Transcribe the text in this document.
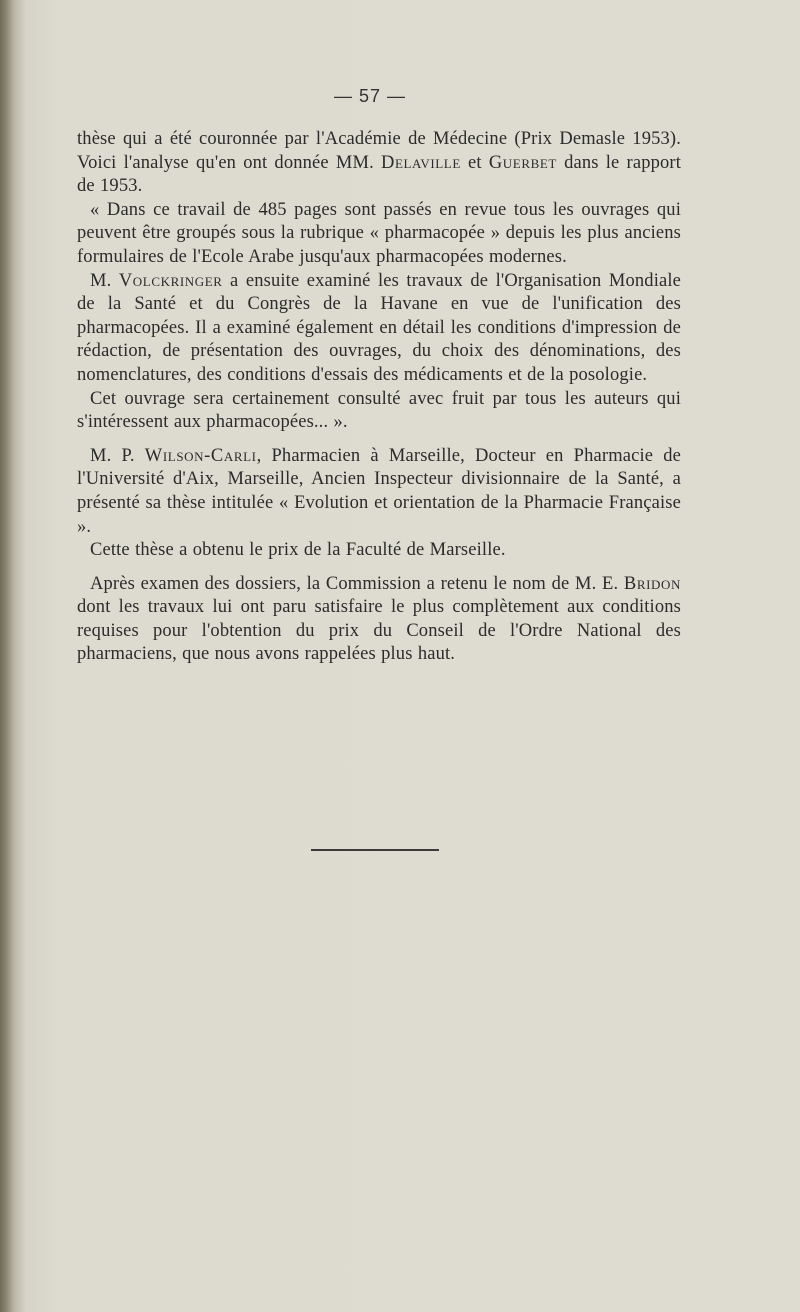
— 57 —

thèse qui a été couronnée par l'Académie de Médecine (Prix Demasle 1953). Voici l'analyse qu'en ont donnée MM. Delaville et Guerbet dans le rapport de 1953.

« Dans ce travail de 485 pages sont passés en revue tous les ouvrages qui peuvent être groupés sous la rubrique « pharmacopée » depuis les plus anciens formulaires de l'Ecole Arabe jusqu'aux pharmacopées modernes.

M. Volckringer a ensuite examiné les travaux de l'Organisation Mondiale de la Santé et du Congrès de la Havane en vue de l'unification des pharmacopées. Il a examiné également en détail les conditions d'impression de rédaction, de présentation des ouvrages, du choix des dénominations, des nomenclatures, des conditions d'essais des médicaments et de la posologie.

Cet ouvrage sera certainement consulté avec fruit par tous les auteurs qui s'intéressent aux pharmacopées... ».

M. P. Wilson-Carli, Pharmacien à Marseille, Docteur en Pharmacie de l'Université d'Aix, Marseille, Ancien Inspecteur divisionnaire de la Santé, a présenté sa thèse intitulée « Evolution et orientation de la Pharmacie Française ».

Cette thèse a obtenu le prix de la Faculté de Marseille.

Après examen des dossiers, la Commission a retenu le nom de M. E. Bridon dont les travaux lui ont paru satisfaire le plus complètement aux conditions requises pour l'obtention du prix du Conseil de l'Ordre National des pharmaciens, que nous avons rappelées plus haut.
